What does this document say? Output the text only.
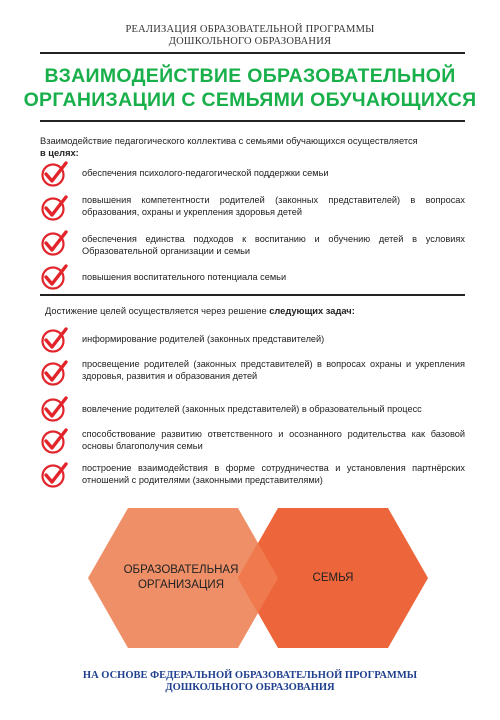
РЕАЛИЗАЦИЯ ОБРАЗОВАТЕЛЬНОЙ ПРОГРАММЫ
ДОШКОЛЬНОГО ОБРАЗОВАНИЯ
ВЗАИМОДЕЙСТВИЕ ОБРАЗОВАТЕЛЬНОЙ
ОРГАНИЗАЦИИ С СЕМЬЯМИ ОБУЧАЮЩИХСЯ
Взаимодействие педагогического коллектива с семьями обучающихся осуществляется
в целях:
обеспечения психолого-педагогической поддержки семьи
повышения компетентности родителей (законных представителей) в вопросах образования, охраны и укрепления здоровья детей
обеспечения единства подходов к воспитанию и обучению детей в условиях Образовательной организации и семьи
повышения воспитательного потенциала семьи
Достижение целей осуществляется через решение следующих задач:
информирование родителей (законных представителей)
просвещение родителей (законных представителей) в вопросах охраны и укрепления здоровья, развития и образования детей
вовлечение родителей (законных представителей) в образовательный процесс
способствование развитию ответственного и осознанного родительства как базовой основы благополучия семьи
построение взаимодействия в форме сотрудничества и установления партнёрских отношений с родителями (законными представителями)
ОБРАЗОВАТЕЛЬНАЯ
ОРГАНИЗАЦИЯ
СЕМЬЯ
НА ОСНОВЕ ФЕДЕРАЛЬНОЙ ОБРАЗОВАТЕЛЬНОЙ ПРОГРАММЫ
ДОШКОЛЬНОГО ОБРАЗОВАНИЯ
